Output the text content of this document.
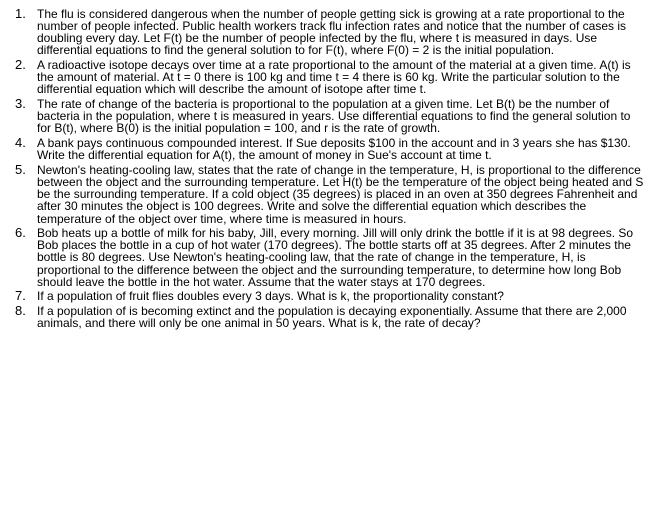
1. The flu is considered dangerous when the number of people getting sick is growing at a rate proportional to the number of people infected. Public health workers track flu infection rates and notice that the number of cases is doubling every day. Let F(t) be the number of people infected by the flu, where t is measured in days. Use differential equations to find the general solution to for F(t), where F(0) = 2 is the initial population.
2. A radioactive isotope decays over time at a rate proportional to the amount of the material at a given time. A(t) is the amount of material. At t = 0 there is 100 kg and time t = 4 there is 60 kg. Write the particular solution to the differential equation which will describe the amount of isotope after time t.
3. The rate of change of the bacteria is proportional to the population at a given time. Let B(t) be the number of bacteria in the population, where t is measured in years. Use differential equations to find the general solution to for B(t), where B(0) is the initial population = 100, and r is the rate of growth.
4. A bank pays continuous compounded interest. If Sue deposits $100 in the account and in 3 years she has $130. Write the differential equation for A(t), the amount of money in Sue's account at time t.
5. Newton's heating-cooling law, states that the rate of change in the temperature, H, is proportional to the difference between the object and the surrounding temperature. Let H(t) be the temperature of the object being heated and S be the surrounding temperature. If a cold object (35 degrees) is placed in an oven at 350 degrees Fahrenheit and after 30 minutes the object is 100 degrees. Write and solve the differential equation which describes the temperature of the object over time, where time is measured in hours.
6. Bob heats up a bottle of milk for his baby, Jill, every morning. Jill will only drink the bottle if it is at 98 degrees. So Bob places the bottle in a cup of hot water (170 degrees). The bottle starts off at 35 degrees. After 2 minutes the bottle is 80 degrees. Use Newton's heating-cooling law, that the rate of change in the temperature, H, is proportional to the difference between the object and the surrounding temperature, to determine how long Bob should leave the bottle in the hot water. Assume that the water stays at 170 degrees.
7. If a population of fruit flies doubles every 3 days. What is k, the proportionality constant?
8. If a population of is becoming extinct and the population is decaying exponentially. Assume that there are 2,000 animals, and there will only be one animal in 50 years. What is k, the rate of decay?
